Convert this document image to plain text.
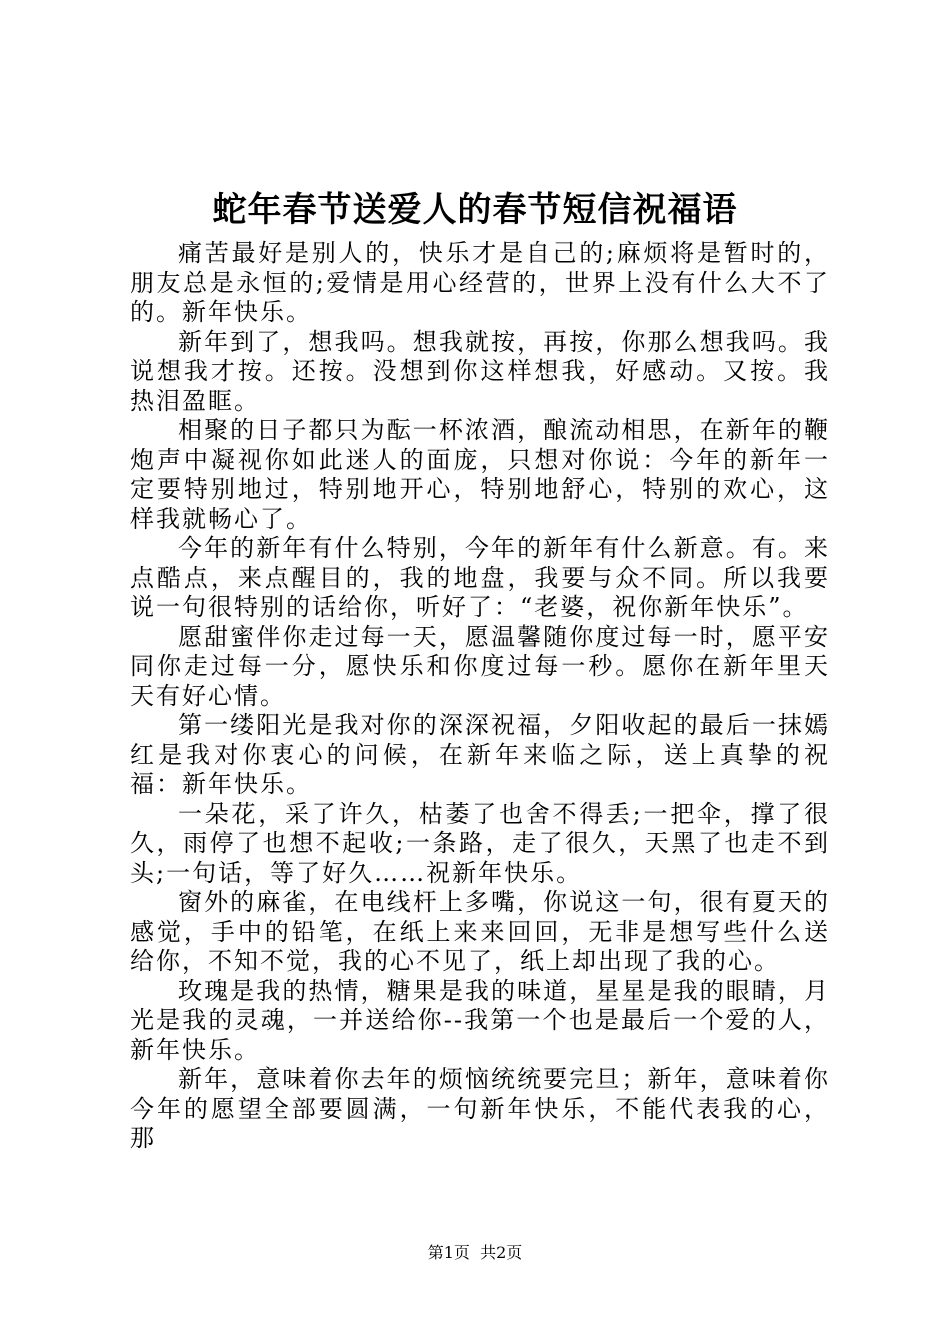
蛇年春节送爱人的春节短信祝福语

痛苦最好是别人的，快乐才是自己的;麻烦将是暂时的，朋友总是永恒的;爱情是用心经营的，世界上没有什么大不了的。新年快乐。

新年到了，想我吗。想我就按，再按，你那么想我吗。我说想我才按。还按。没想到你这样想我，好感动。又按。我热泪盈眶。

相聚的日子都只为酝一杯浓酒，酿流动相思，在新年的鞭炮声中凝视你如此迷人的面庞，只想对你说：今年的新年一定要特别地过，特别地开心，特别地舒心，特别的欢心，这样我就畅心了。

今年的新年有什么特别，今年的新年有什么新意。有。来点酷点，来点醒目的，我的地盘，我要与众不同。所以我要说一句很特别的话给你，听好了：“老婆，祝你新年快乐”。

愿甜蜜伴你走过每一天，愿温馨随你度过每一时，愿平安同你走过每一分，愿快乐和你度过每一秒。愿你在新年里天天有好心情。

第一缕阳光是我对你的深深祝福，夕阳收起的最后一抹嫣红是我对你衷心的问候，在新年来临之际，送上真挚的祝福：新年快乐。

一朵花，采了许久，枯萎了也舍不得丢;一把伞，撑了很久，雨停了也想不起收;一条路，走了很久，天黑了也走不到头;一句话，等了好久……祝新年快乐。

窗外的麻雀，在电线杆上多嘴，你说这一句，很有夏天的感觉，手中的铅笔，在纸上来来回回，无非是想写些什么送给你，不知不觉，我的心不见了，纸上却出现了我的心。

玫瑰是我的热情，糖果是我的味道，星星是我的眼睛，月光是我的灵魂，一并送给你--我第一个也是最后一个爱的人，新年快乐。

新年，意味着你去年的烦恼统统要完旦；新年，意味着你今年的愿望全部要圆满，一句新年快乐，不能代表我的心，那

第1页 共2页
